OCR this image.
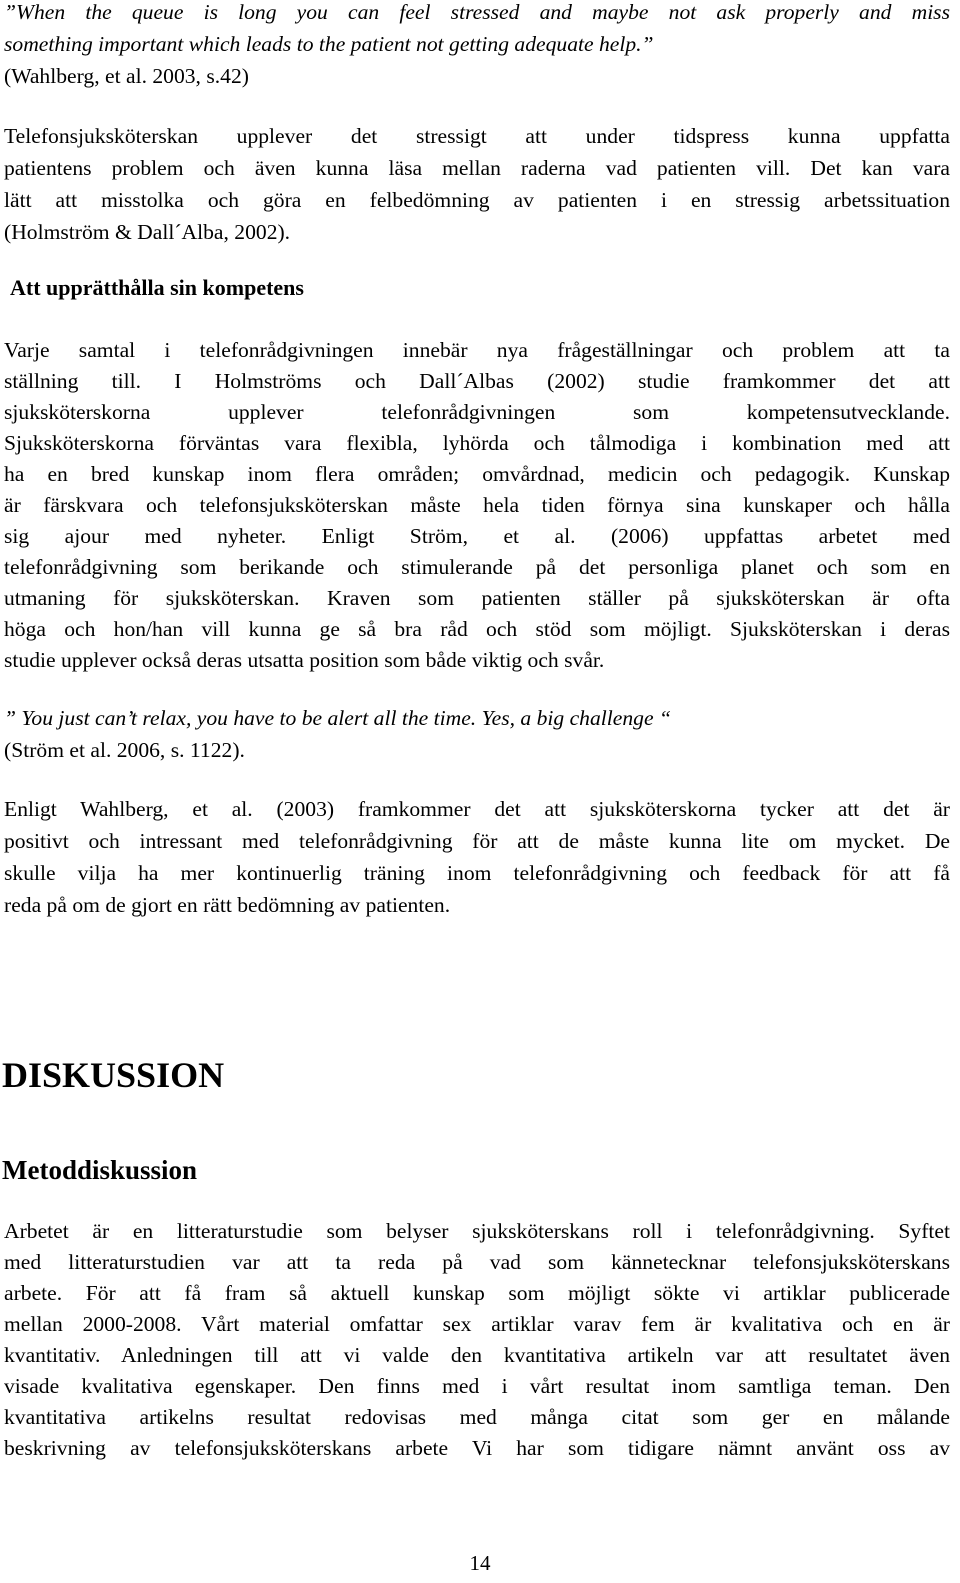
”When the queue is long you can feel stressed and maybe not ask properly and miss
something important which leads to the patient not getting adequate help.”
(Wahlberg, et al. 2003, s.42)
Telefonsjuksköterskan upplever det stressigt att under tidspress kunna uppfatta
patientens problem och även kunna läsa mellan raderna vad patienten vill. Det kan vara
lätt att misstolka och göra en felbedömning av patienten i en stressig arbetssituation
(Holmström & Dall´Alba, 2002).
Att upprätthålla sin kompetens
Varje samtal i telefonrådgivningen innebär nya frågeställningar och problem att ta
ställning till. I Holmströms och Dall´Albas (2002) studie framkommer det att
sjuksköterskorna upplever telefonrådgivningen som kompetensutvecklande.
Sjuksköterskorna förväntas vara flexibla, lyhörda och tålmodiga i kombination med att
ha en bred kunskap inom flera områden; omvårdnad, medicin och pedagogik. Kunskap
är färskvara och telefonsjuksköterskan måste hela tiden förnya sina kunskaper och hålla
sig ajour med nyheter. Enligt Ström, et al. (2006) uppfattas arbetet med
telefonrådgivning som berikande och stimulerande på det personliga planet och som en
utmaning för sjuksköterskan. Kraven som patienten ställer på sjuksköterskan är ofta
höga och hon/han vill kunna ge så bra råd och stöd som möjligt. Sjuksköterskan i deras
studie upplever också deras utsatta position som både viktig och svår.
” You just can’t relax, you have to be alert all the time. Yes, a big challenge “
(Ström et al. 2006, s. 1122).
Enligt Wahlberg, et al. (2003) framkommer det att sjuksköterskorna tycker att det är
positivt och intressant med telefonrådgivning för att de måste kunna lite om mycket. De
skulle vilja ha mer kontinuerlig träning inom telefonrådgivning och feedback för att få
reda på om de gjort en rätt bedömning av patienten.
DISKUSSION
Metoddiskussion
Arbetet är en litteraturstudie som belyser sjuksköterskans roll i telefonrådgivning. Syftet
med litteraturstudien var att ta reda på vad som kännetecknar telefonsjuksköterskans
arbete. För att få fram så aktuell kunskap som möjligt sökte vi artiklar publicerade
mellan 2000-2008. Vårt material omfattar sex artiklar varav fem är kvalitativa och en är
kvantitativ. Anledningen till att vi valde den kvantitativa artikeln var att resultatet även
visade kvalitativa egenskaper. Den finns med i vårt resultat inom samtliga teman. Den
kvantitativa artikelns resultat redovisas med många citat som ger en målande
beskrivning av telefonsjuksköterskans arbete Vi har som tidigare nämnt använt oss av
14
